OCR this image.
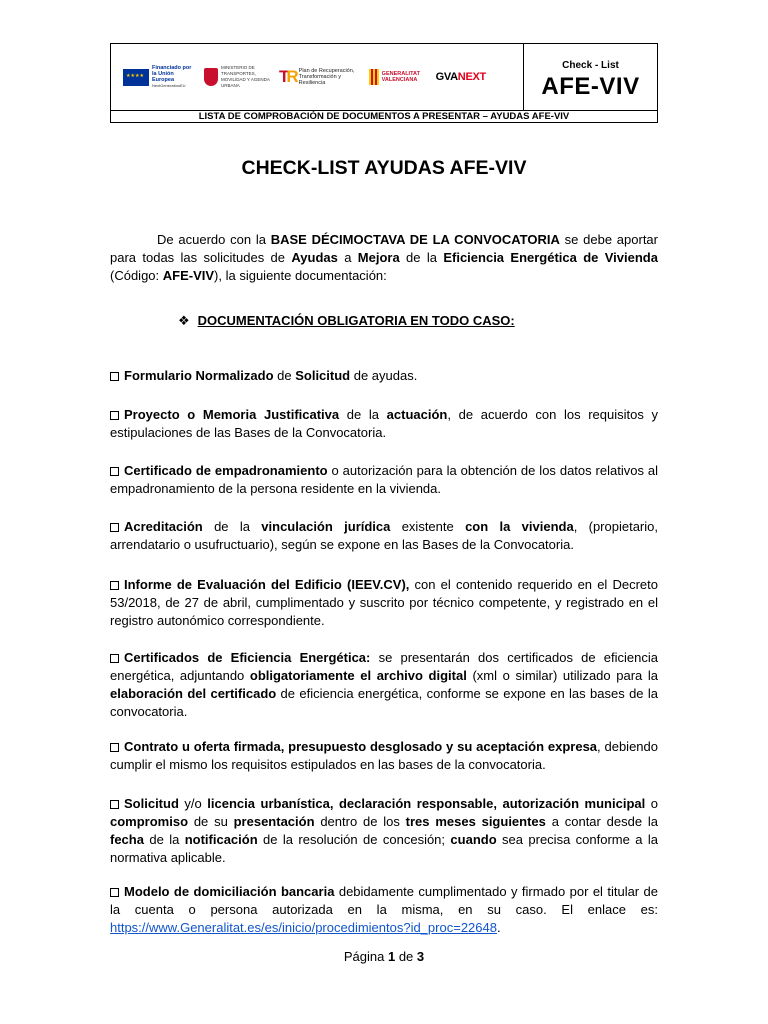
★★★★
Financiado por la Unión Europea
NextGenerationEU
MINISTERIO DE TRANSPORTES, MOVILIDAD Y AGENDA URBANA	TR Plan de Recuperación, Transformación y Resiliencia
GENERALITAT VALENCIANA	GVANEXT
Check - List
AFE-VIV
LISTA DE COMPROBACIÓN DE DOCUMENTOS A PRESENTAR – AYUDAS AFE-VIV
CHECK-LIST AYUDAS AFE-VIV

De acuerdo con la BASE DÉCIMOCTAVA DE LA CONVOCATORIA se debe aportar para todas las solicitudes de Ayudas a Mejora de la Eficiencia Energética de Vivienda (Código: AFE-VIV), la siguiente documentación:

❖ DOCUMENTACIÓN OBLIGATORIA EN TODO CASO:

Formulario Normalizado de Solicitud de ayudas.

Proyecto o Memoria Justificativa de la actuación, de acuerdo con los requisitos y estipulaciones de las Bases de la Convocatoria.

Certificado de empadronamiento o autorización para la obtención de los datos relativos al empadronamiento de la persona residente en la vivienda.

Acreditación de la vinculación jurídica existente con la vivienda, (propietario, arrendatario o usufructuario), según se expone en las Bases de la Convocatoria.

Informe de Evaluación del Edificio (IEEV.CV), con el contenido requerido en el Decreto 53/2018, de 27 de abril, cumplimentado y suscrito por técnico competente, y registrado en el registro autonómico correspondiente.

Certificados de Eficiencia Energética: se presentarán dos certificados de eficiencia energética, adjuntando obligatoriamente el archivo digital (xml o similar) utilizado para la elaboración del certificado de eficiencia energética, conforme se expone en las bases de la convocatoria.

Contrato u oferta firmada, presupuesto desglosado y su aceptación expresa, debiendo cumplir el mismo los requisitos estipulados en las bases de la convocatoria.

Solicitud y/o licencia urbanística, declaración responsable, autorización municipal o compromiso de su presentación dentro de los tres meses siguientes a contar desde la fecha de la notificación de la resolución de concesión; cuando sea precisa conforme a la normativa aplicable.

Modelo de domiciliación bancaria debidamente cumplimentado y firmado por el titular de la cuenta o persona autorizada en la misma, en su caso. El enlace es: https://www.Generalitat.es/es/inicio/procedimientos?id_proc=22648.

Página 1 de 3
